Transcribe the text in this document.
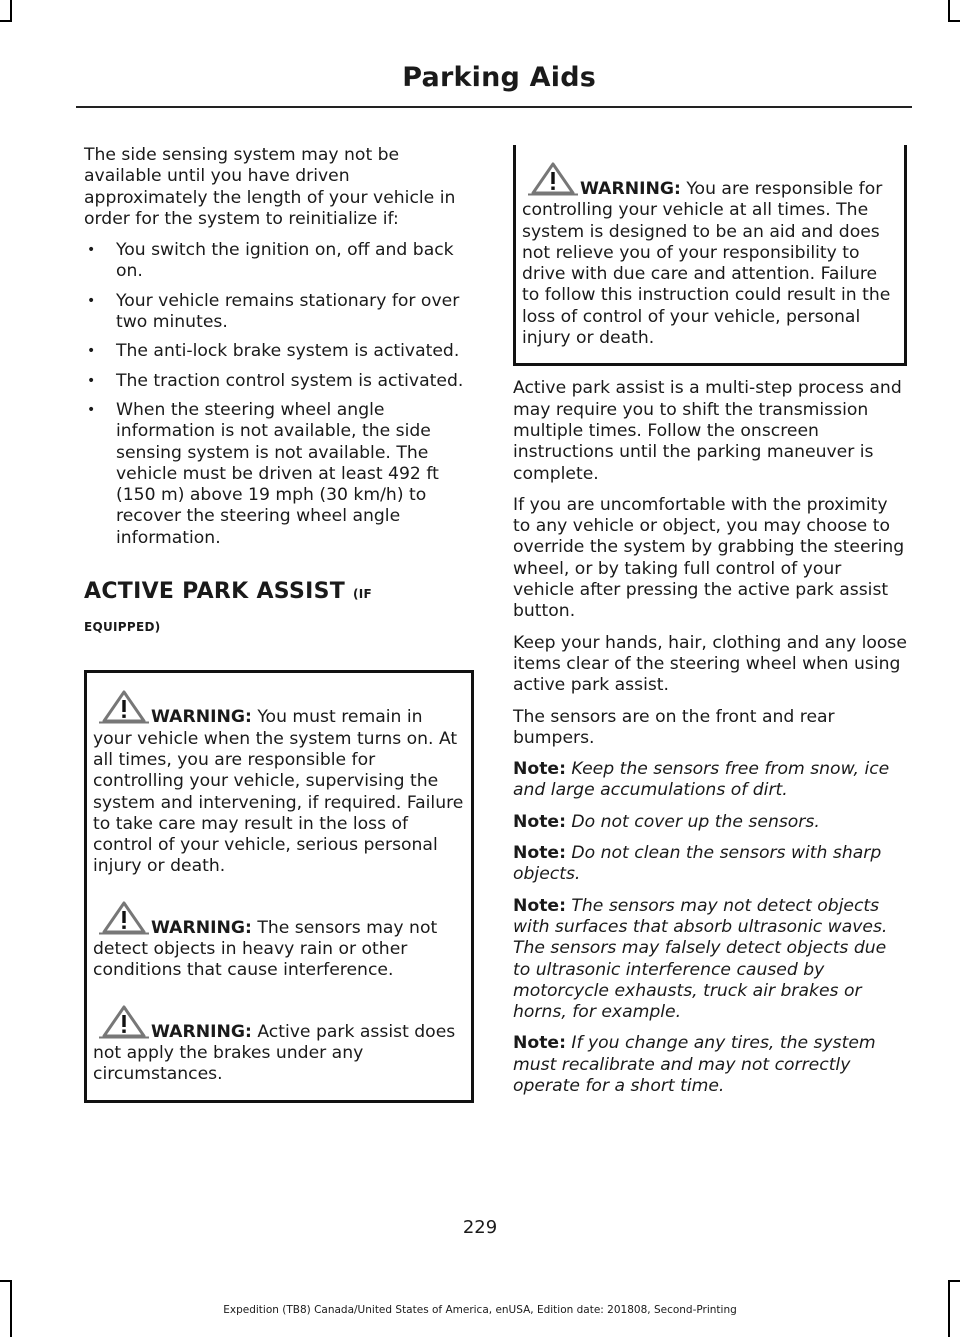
Parking Aids

The side sensing system may not be available until you have driven approximately the length of your vehicle in order for the system to reinitialize if:

• You switch the ignition on, off and back on.
• Your vehicle remains stationary for over two minutes.
• The anti-lock brake system is activated.
• The traction control system is activated.
• When the steering wheel angle information is not available, the side sensing system is not available. The vehicle must be driven at least 492 ft (150 m) above 19 mph (30 km/h) to recover the steering wheel angle information.
ACTIVE PARK ASSIST (IF
EQUIPPED)
WARNING: You must remain in your vehicle when the system turns on. At all times, you are responsible for controlling your vehicle, supervising the system and intervening, if required. Failure to take care may result in the loss of control of your vehicle, serious personal injury or death.
WARNING: The sensors may not detect objects in heavy rain or other conditions that cause interference.
WARNING: Active park assist does not apply the brakes under any circumstances.
WARNING: You are responsible for controlling your vehicle at all times. The system is designed to be an aid and does not relieve you of your responsibility to drive with due care and attention. Failure to follow this instruction could result in the loss of control of your vehicle, personal injury or death.

Active park assist is a multi-step process and may require you to shift the transmission multiple times. Follow the onscreen instructions until the parking maneuver is complete.

If you are uncomfortable with the proximity to any vehicle or object, you may choose to override the system by grabbing the steering wheel, or by taking full control of your vehicle after pressing the active park assist button.

Keep your hands, hair, clothing and any loose items clear of the steering wheel when using active park assist.

The sensors are on the front and rear bumpers.

Note: Keep the sensors free from snow, ice and large accumulations of dirt.

Note: Do not cover up the sensors.

Note: Do not clean the sensors with sharp objects.

Note: The sensors may not detect objects with surfaces that absorb ultrasonic waves. The sensors may falsely detect objects due to ultrasonic interference caused by motorcycle exhausts, truck air brakes or horns, for example.

Note: If you change any tires, the system must recalibrate and may not correctly operate for a short time.

229
Expedition (TB8) Canada/United States of America, enUSA, Edition date: 201808, Second-Printing
